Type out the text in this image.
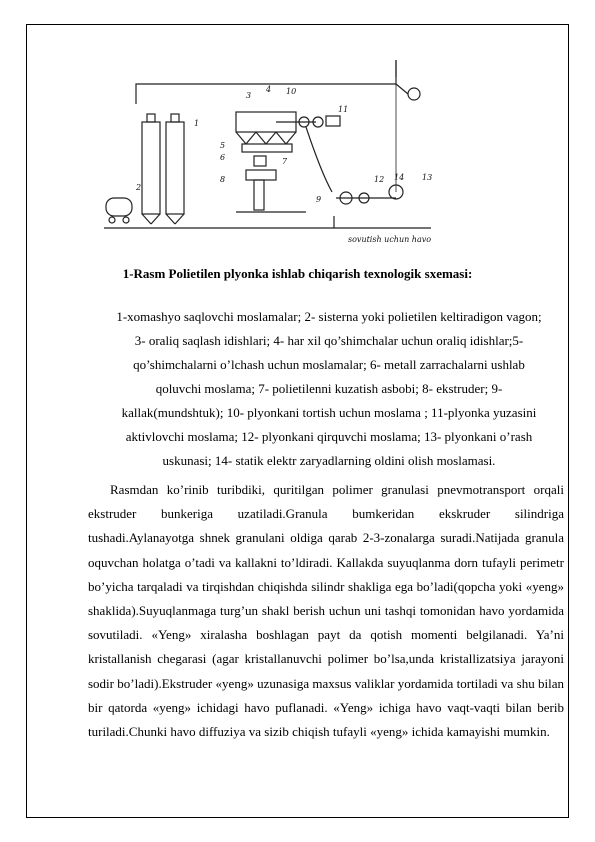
1
2
3
4
5
6	7
8
9
10
11
12	13
14
sovutish uchun havo
1-Rasm Polietilen plyonka ishlab chiqarish texnologik sxemasi:
1-xomashyo saqlovchi moslamalar; 2- sisterna yoki polietilen keltiradigon vagon;
3- oraliq saqlash idishlari; 4- har xil qo’shimchalar uchun oraliq idishlar;5-
qo’shimchalarni o’lchash uchun moslamalar; 6- metall zarrachalarni ushlab
qoluvchi moslama; 7- polietilenni kuzatish asbobi; 8- ekstruder; 9-
kallak(mundshtuk); 10- plyonkani tortish uchun moslama ; 11-plyonka yuzasini
aktivlovchi moslama; 12- plyonkani qirquvchi moslama; 13- plyonkani o’rash
uskunasi; 14- statik elektr zaryadlarning oldini olish moslamasi.
Rasmdan ko’rinib turibdiki, quritilgan polimer granulasi pnevmotransport orqali ekstruder bunkeriga uzatiladi.Granula bumkeridan ekskruder silindriga tushadi.Aylanayotga shnek granulani oldiga qarab 2-3-zonalarga suradi.Natijada granula oquvchan holatga o’tadi va kallakni to’ldiradi. Kallakda suyuqlanma dorn tufayli perimetr bo’yicha tarqaladi va tirqishdan chiqishda silindr shakliga ega bo’ladi(qopcha yoki «yeng» shaklida).Suyuqlanmaga turg’un shakl berish uchun uni tashqi tomonidan havo yordamida sovutiladi. «Yeng» xiralasha boshlagan payt da qotish momenti belgilanadi. Ya’ni kristallanish chegarasi (agar kristallanuvchi polimer bo’lsa,unda kristallizatsiya jarayoni sodir bo’ladi).Ekstruder «yeng» uzunasiga maxsus valiklar yordamida tortiladi va shu bilan bir qatorda «yeng» ichidagi havo puflanadi. «Yeng» ichiga havo vaqt-vaqti bilan berib turiladi.Chunki havo diffuziya va sizib chiqish tufayli «yeng» ichida kamayishi mumkin.
